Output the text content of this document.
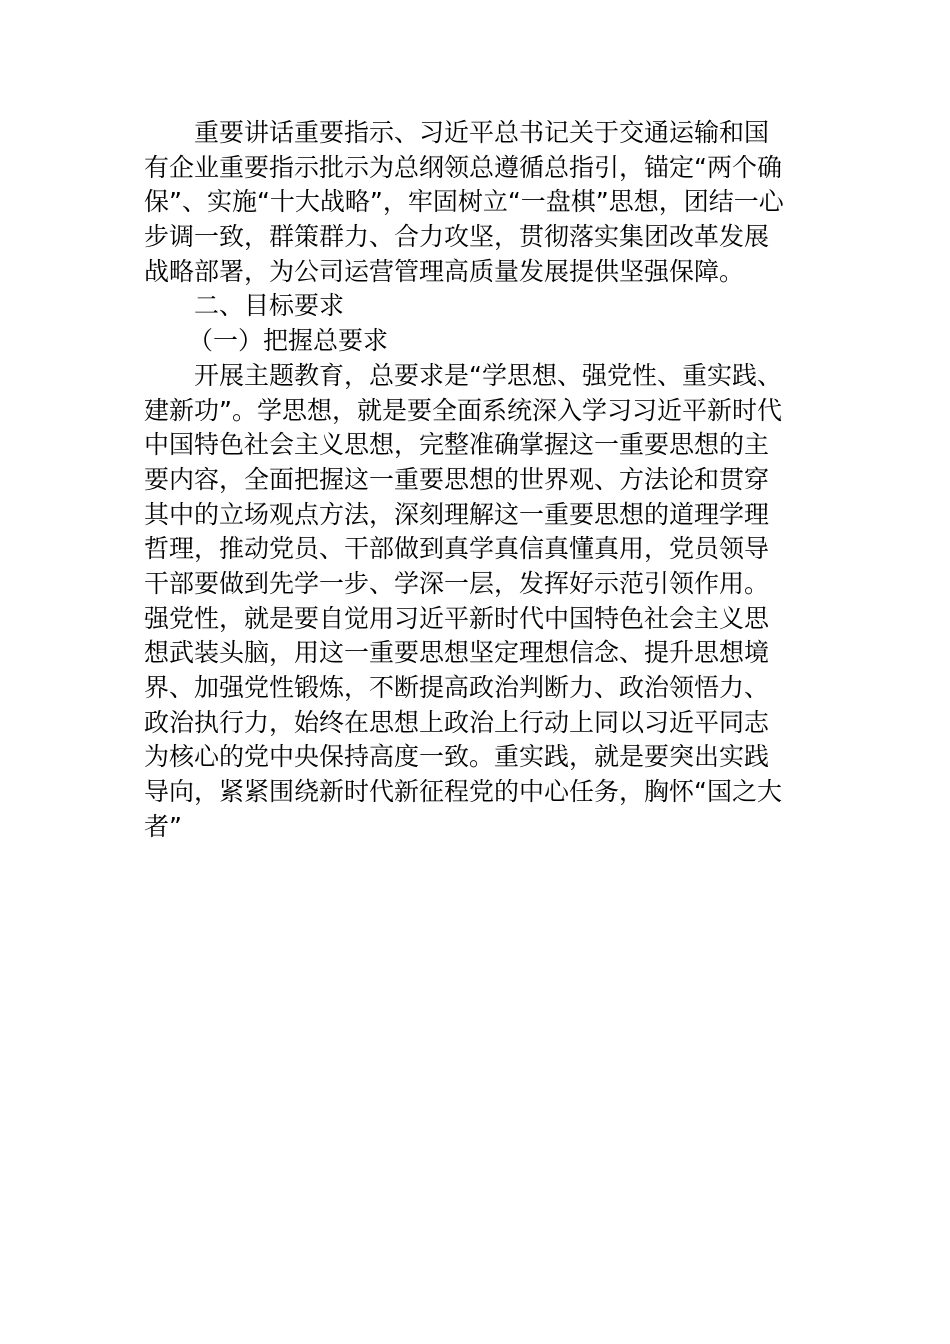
重要讲话重要指示、习近平总书记关于交通运输和国
有企业重要指示批示为总纲领总遵循总指引，锚定“两个确
保”、实施“十大战略”，牢固树立“一盘棋”思想，团结一心
步调一致，群策群力、合力攻坚，贯彻落实集团改革发展
战略部署，为公司运营管理高质量发展提供坚强保障。
二、目标要求
（一）把握总要求
开展主题教育，总要求是“学思想、强党性、重实践、
建新功”。学思想，就是要全面系统深入学习习近平新时代
中国特色社会主义思想，完整准确掌握这一重要思想的主
要内容，全面把握这一重要思想的世界观、方法论和贯穿
其中的立场观点方法，深刻理解这一重要思想的道理学理
哲理，推动党员、干部做到真学真信真懂真用，党员领导
干部要做到先学一步、学深一层，发挥好示范引领作用。
强党性，就是要自觉用习近平新时代中国特色社会主义思
想武装头脑，用这一重要思想坚定理想信念、提升思想境
界、加强党性锻炼，不断提高政治判断力、政治领悟力、
政治执行力，始终在思想上政治上行动上同以习近平同志
为核心的党中央保持高度一致。重实践，就是要突出实践
导向，紧紧围绕新时代新征程党的中心任务，胸怀“国之大
者”
